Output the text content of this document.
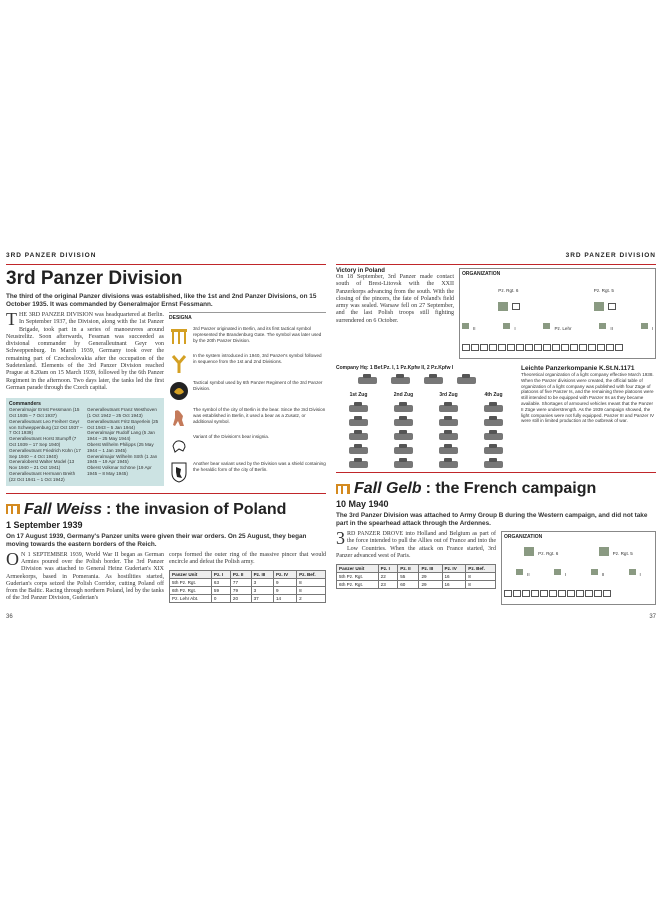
3RD PANZER DIVISION
3rd Panzer Division
The third of the original Panzer divisions was established, like the 1st and 2nd Panzer Divisions, on 15 October 1935. It was commanded by Generalmajor Ernst Fessmann.
THE 3RD PANZER DIVISION was headquartered at Berlin. In September 1937, the Division, along with the 1st Panzer Brigade, took part in a series of manoeuvres around Neustrelitz. Soon afterwards, Fessman was succeeded as divisional commander by Generalleutnant Geyr von Schweppenburg. In March 1939, Germany took over the remaining part of Czechoslovakia after the occupation of the Sudetenland. Elements of the 3rd Panzer Division reached Prague at 8.20am on 15 March 1939, followed by the 6th Panzer Regiment in the afternoon. Two days later, the tanks led the first German parade through the Czech capital.
Commanders
Generalmajor Ernst Fessmann (15 Oct 1935 – 7 Oct 1937)
Generalleutnant Leo Freiherr Geyr von Schweppenburg (12 Oct 1937 – 7 Oct 1939)
Generalleutnant Horst Stumpff (7 Oct 1939 – 17 Sep 1940)
Generalleutnant Friedrich Kühn (17 Sep 1940 – 4 Oct 1940)
Generaloberst Walter Model (13 Nov 1940 – 21 Oct 1941)
Generalleutnant Hermann Breith (22 Oct 1941 – 1 Oct 1942)
Generalleutnant Franz Westhoven (1 Oct 1942 – 25 Oct 1943)
Generalleutnant Fritz Bayerlein (25 Oct 1943 – 5 Jan 1944)
Generalmajor Rudolf Lang (5 Jan 1944 – 25 May 1944)
Oberst Wilhelm Philipps (25 May 1944 – 1 Jan 1945)
Generalmajor Wilhelm Söth (1 Jan 1945 – 19 Apr 1945)
Oberst Volkmar Schöne (19 Apr 1945 – 8 May 1945)
DESIGNA
3rd Panzer originated in Berlin, and its first tactical symbol represented the Brandenburg Gate. The symbol was later used by the 20th Panzer Division.
In the system introduced in 1940, 3rd Panzer's symbol followed in sequence from the 1st and 2nd Divisions.
Tactical symbol used by 6th Panzer Regiment of the 3rd Panzer Division.
The symbol of the city of Berlin is the bear. Since the 3rd Division was established in Berlin, it used a bear as a Zusatz, or additional symbol.
Variant of the Division's bear insignia.
Another bear variant used by the Division was a shield containing the heraldic form of the city of Berlin.
Fall Weiss : the invasion of Poland
1 September 1939
On 17 August 1939, Germany's Panzer units were given their war orders. On 25 August, they began moving towards the eastern borders of the Reich.
O N 1 SEPTEMBER 1939, World War II began as German Armies poured over the Polish border. The 3rd Panzer Division was attached to General Heinz Guderian's XIX Armeekorps, based in Pomerania. As hostilities started, Guderian's corps seized the Polish Corridor, cutting Poland off from the Baltic. Racing through northern Poland, led by the tanks of the 3rd Panzer Division, Guderian's
corps formed the outer ring of the massive pincer that would encircle and defeat the Polish army.
Panzer Unit	Pz. I	Pz. II	Pz. III	Pz. IV	Pz. Bef.
5th Pz. Rgt.	63	77	3	9	8
6th Pz. Rgt.	59	79	3	9	8
Pz. Lehr Abt.	0	20	37	14	2
36
3RD PANZER DIVISION
Victory in Poland
On 18 September, 3rd Panzer made contact south of Brest-Litovsk with the XXII Panzerkorps advancing from the south. With the closing of the pincers, the fate of Poland's field army was sealed. Warsaw fell on 27 September, and the last Polish troops still fighting surrendered on 6 October.
ORGANIZATION
Pz. Rgt. 6
	Pz. Rgt. 5

II	I	Pz. Lehr	II	I
Company Hq: 1 Bef.Pz. I, 1 Pz.Kpfw II, 2 Pz.Kpfw I
1st Zug	2nd Zug	3rd Zug	4th Zug
Leichte Panzerkompanie K.St.N.1171
Theoretical organization of a light company effective March 1938. When the Panzer divisions were created, the official table of organization of a light company was published with four Züge of platoons of five Panzer Is, and the remaining three platoons were still intended to be equipped with Panzer IIs as they became available. Shortages of armoured vehicles meant that the Panzer II Züge were understrength. As the 1939 campaign showed, the light companies were not fully equipped. Panzer III and Panzer IV were still in limited production at the outbreak of war.
Fall Gelb : the French campaign
10 May 1940
The 3rd Panzer Division was attached to Army Group B during the Western campaign, and did not take part in the spearhead attack through the Ardennes.
3 RD PANZER DROVE into Holland and Belgium as part of the force intended to pull the Allies out of France and into the Low Countries. When the attack on France started, 3rd Panzer advanced west of Paris.
Panzer Unit	Pz. I	Pz. II	Pz. III	Pz. IV	Pz. Bef.
5th Pz. Rgt.	22	55	29	16	8
6th Pz. Rgt.	23	60	29	16	8
ORGANIZATION
Pz. Rgt. 6	Pz. Rgt. 5
II	I	II	I
37
